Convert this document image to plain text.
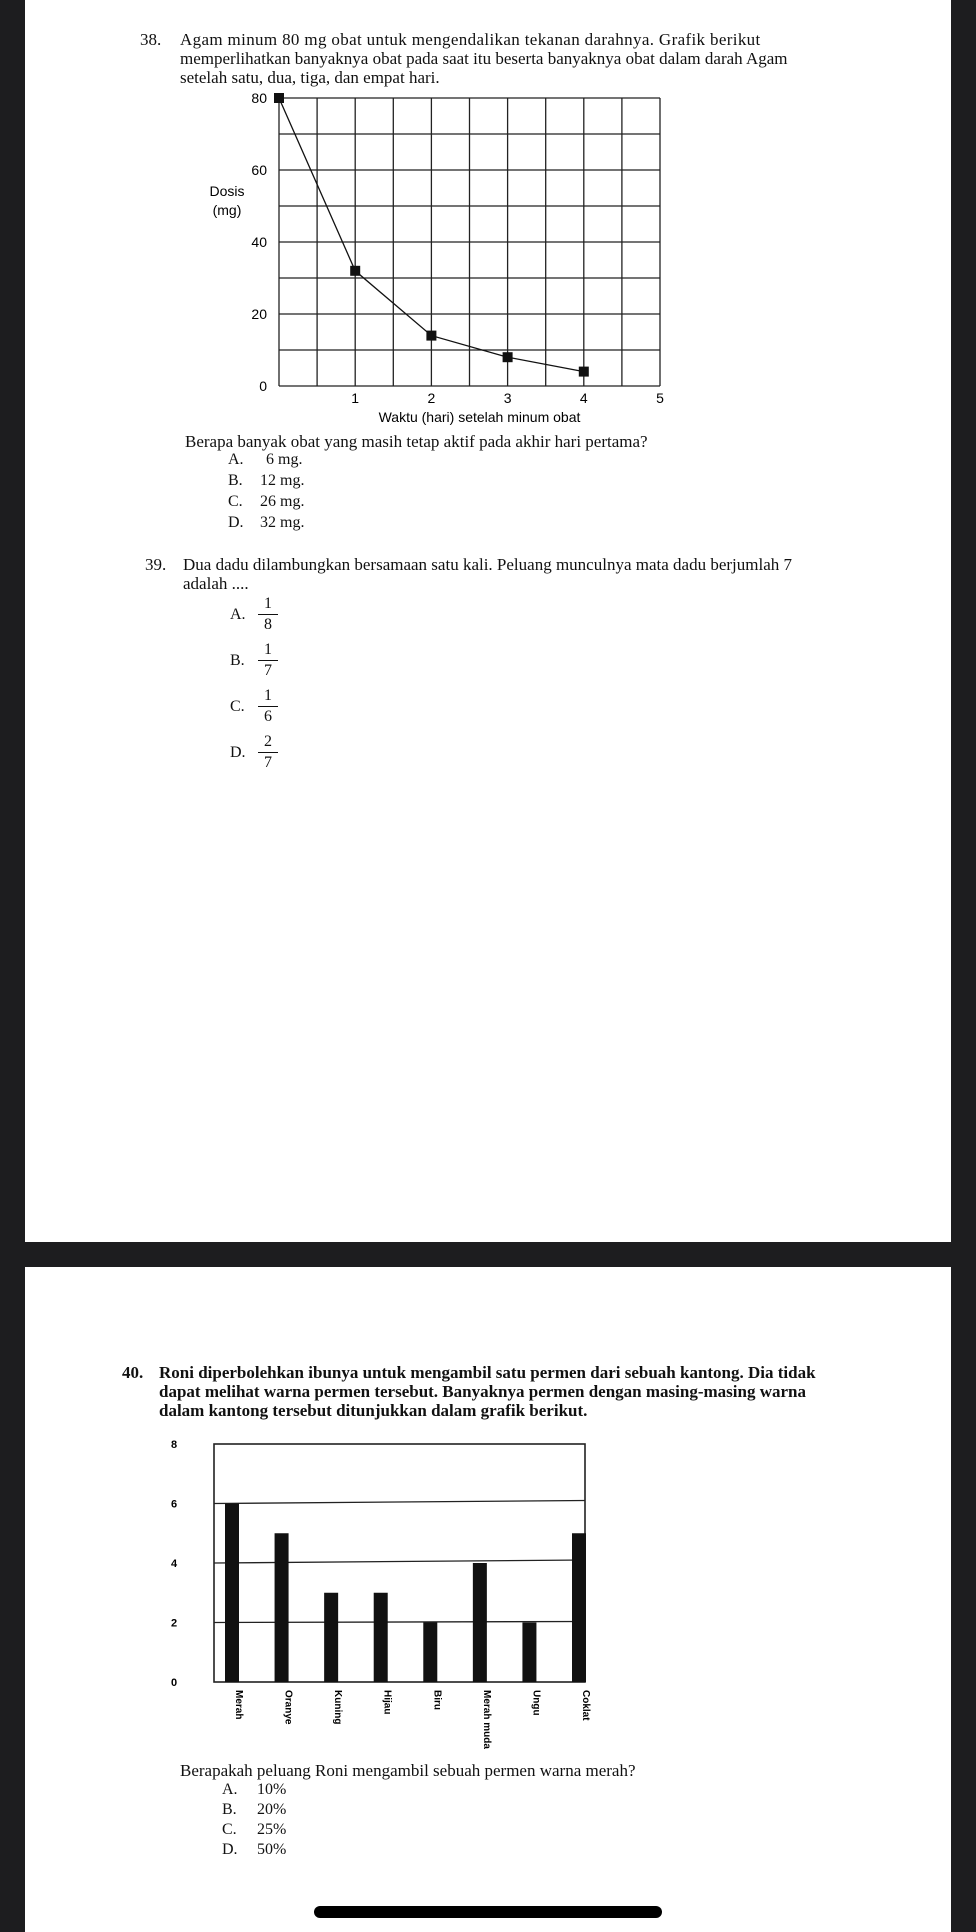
38. Agam minum 80 mg obat untuk mengendalikan tekanan darahnya. Grafik berikut
memperlihatkan banyaknya obat pada saat itu beserta banyaknya obat dalam darah Agam
setelah satu, dua, tiga, dan empat hari.
0
20
40
60
80
1	2	3	4	5
Dosis
(mg)
Waktu (hari) setelah minum obat
Berapa banyak obat yang masih tetap aktif pada akhir hari pertama?
A. 6 mg.
B. 12 mg.
C. 26 mg.
D. 32 mg.
39. Dua dadu dilambungkan bersamaan satu kali. Peluang munculnya mata dadu berjumlah 7
adalah ....
A. $\frac{1}{8}$
B. $\frac{1}{7}$
C. $\frac{1}{6}$
D. $\frac{2}{7}$
40. Roni diperbolehkan ibunya untuk mengambil satu permen dari sebuah kantong. Dia tidak
dapat melihat warna permen tersebut. Banyaknya permen dengan masing-masing warna
dalam kantong tersebut ditunjukkan dalam grafik berikut.
0
2
4
6
8
Merah	Oranye	Kuning	Hijau	Biru	Merah muda	Ungu	Coklat
Berapakah peluang Roni mengambil sebuah permen warna merah?
A. 10%
B. 20%
C. 25%
D. 50%
